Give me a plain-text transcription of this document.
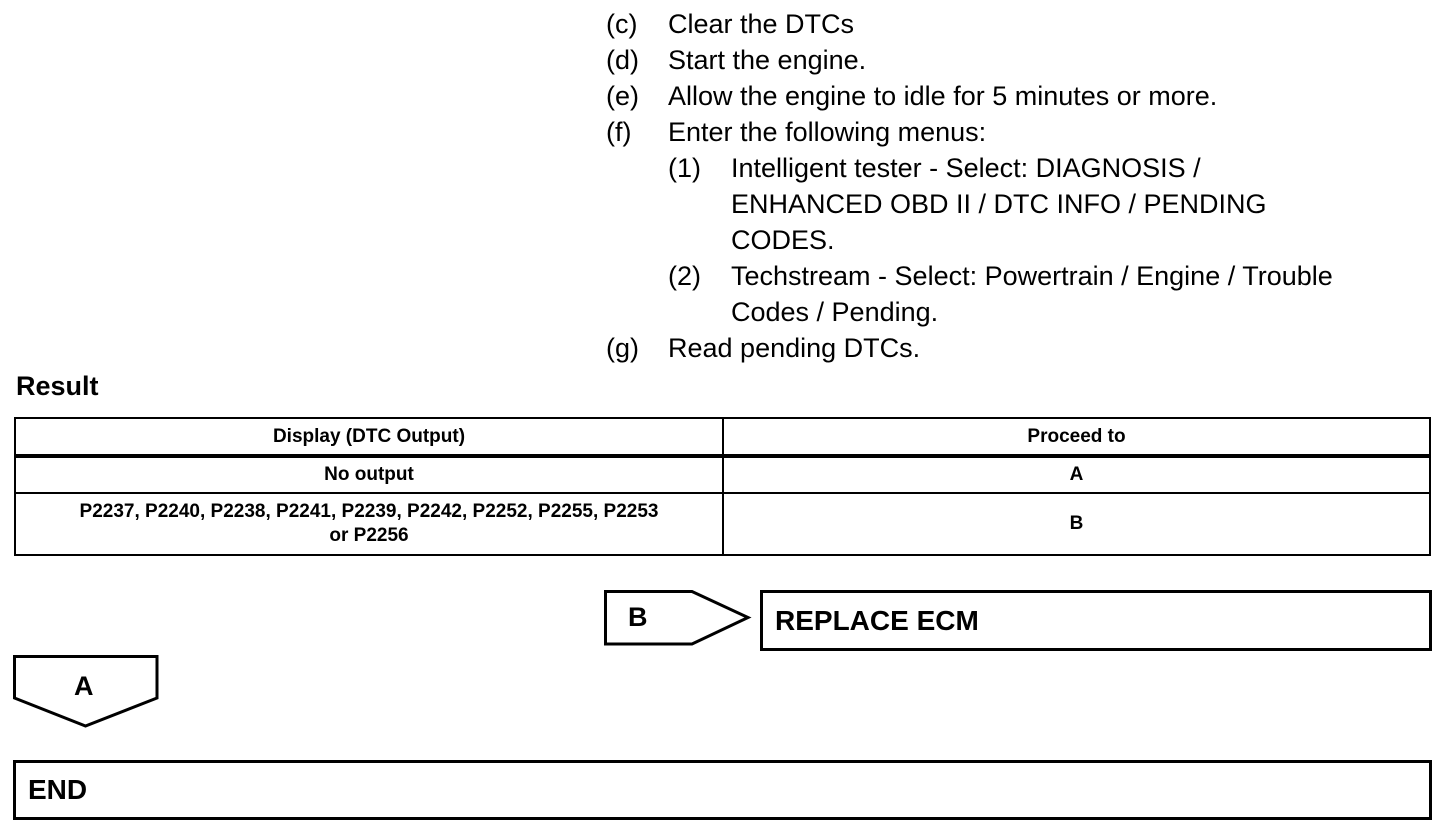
(c) Clear the DTCs
(d) Start the engine.
(e) Allow the engine to idle for 5 minutes or more.
(f) Enter the following menus:
(1) Intelligent tester - Select: DIAGNOSIS /
ENHANCED OBD II / DTC INFO / PENDING
CODES.
(2) Techstream - Select: Powertrain / Engine / Trouble
Codes / Pending.
(g) Read pending DTCs.
Result
Display (DTC Output)	Proceed to
No output	A

P2237, P2240, P2238, P2241, P2239, P2242, P2252, P2255, P2253
or P2256	B
B	REPLACE ECM
A
END
